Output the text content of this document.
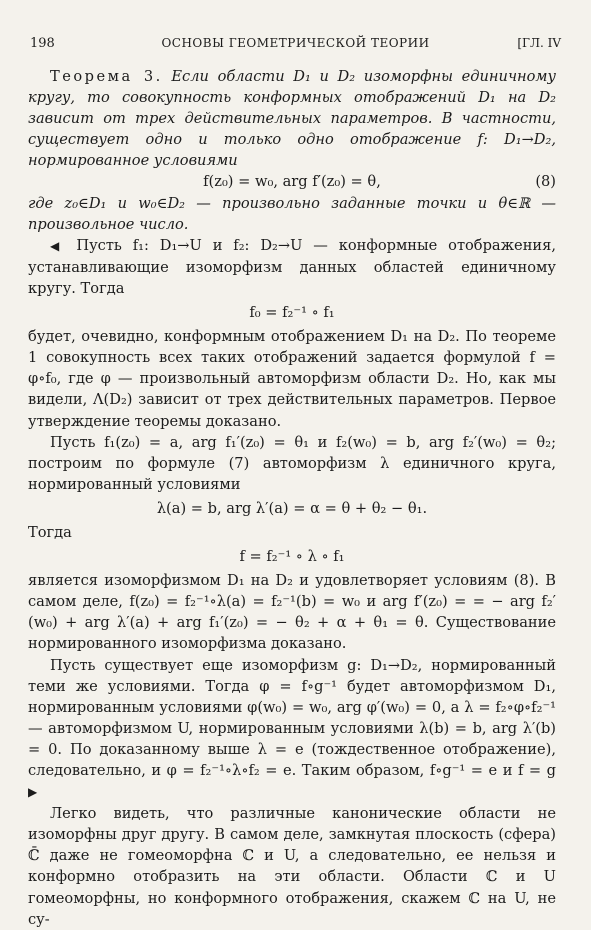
198	ОСНОВЫ ГЕОМЕТРИЧЕСКОЙ ТЕОРИИ	[ГЛ. IV

Теорема 3. Если области D₁ и D₂ изоморфны единичному кругу, то совокупность конформных отображений D₁ на D₂ зависит от трех действительных параметров. В частности, существует одно и только одно отображение f: D₁→D₂, нормированное условиями

f(z₀) = w₀, arg f′(z₀) = θ,	(8)

где z₀∈D₁ и w₀∈D₂ — произвольно заданные точки и θ∈ℝ — произвольное число.

◀ Пусть f₁: D₁→U и f₂: D₂→U — конформные отображения, устанавливающие изоморфизм данных областей единичному кругу. Тогда

f₀ = f₂⁻¹ ∘ f₁

будет, очевидно, конформным отображением D₁ на D₂. По теореме 1 совокупность всех таких отображений задается формулой f = φ∘f₀, где φ — произвольный автоморфизм области D₂. Но, как мы видели, Λ(D₂) зависит от трех действительных параметров. Первое утверждение теоремы доказано.

Пусть f₁(z₀) = a, arg f₁′(z₀) = θ₁ и f₂(w₀) = b, arg f₂′(w₀) = θ₂; построим по формуле (7) автоморфизм λ единичного круга, нормированный условиями

λ(a) = b, arg λ′(a) = α = θ + θ₂ − θ₁.

Тогда

f = f₂⁻¹ ∘ λ ∘ f₁

является изоморфизмом D₁ на D₂ и удовлетворяет условиям (8). В самом деле, f(z₀) = f₂⁻¹∘λ(a) = f₂⁻¹(b) = w₀ и arg f′(z₀) = = − arg f₂′(w₀) + arg λ′(a) + arg f₁′(z₀) = − θ₂ + α + θ₁ = θ. Существование нормированного изоморфизма доказано.

Пусть существует еще изоморфизм g: D₁→D₂, нормированный теми же условиями. Тогда φ = f∘g⁻¹ будет автоморфизмом D₁, нормированным условиями φ(w₀) = w₀, arg φ′(w₀) = 0, а λ = f₂∘φ∘f₂⁻¹ — автоморфизмом U, нормированным условиями λ(b) = b, arg λ′(b) = 0. По доказанному выше λ = e (тождественное отображение), следовательно, и φ = f₂⁻¹∘λ∘f₂ = e. Таким образом, f∘g⁻¹ = e и f = g ▶

Легко видеть, что различные канонические области не изоморфны друг другу. В самом деле, замкнутая плоскость (сфера) ℂ̄ даже не гомеоморфна ℂ и U, а следовательно, ее нельзя и конформно отобразить на эти области. Области ℂ и U гомеоморфны, но конформного отображения, скажем ℂ на U, не су-
